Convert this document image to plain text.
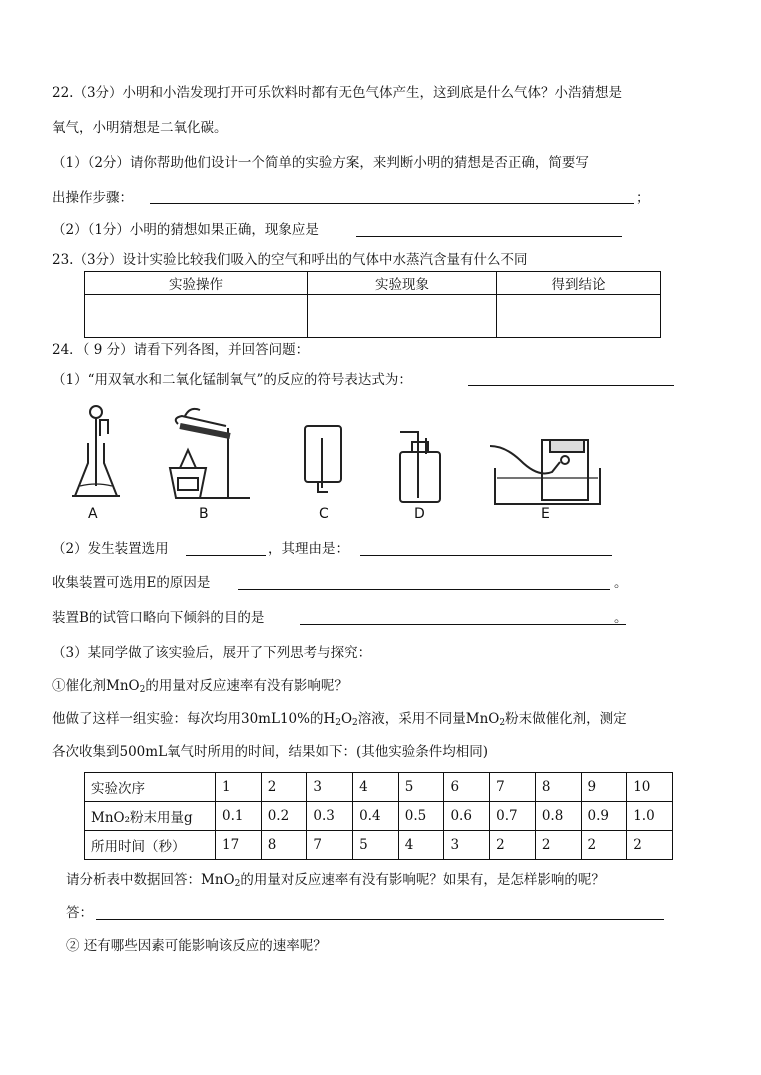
22.（3分）小明和小浩发现打开可乐饮料时都有无色气体产生，这到底是什么气体？小浩猜想是
氧气，小明猜想是二氧化碳。
（1）（2分）请你帮助他们设计一个简单的实验方案，来判断小明的猜想是否正确，简要写
出操作步骤：	；
（2）（1分）小明的猜想如果正确，现象应是
23.（3分）设计实验比较我们吸入的空气和呼出的气体中水蒸汽含量有什么不同
实验操作	实验现象	得到结论

24．（ 9 分）请看下列各图，并回答问题：
（1）“用双氧水和二氧化锰制氧气”的反应的符号表达式为：
A	B	C	D	E
（2）发生装置选用	，其理由是：
收集装置可选用E的原因是	。
装置B的试管口略向下倾斜的目的是	。
（3）某同学做了该实验后，展开了下列思考与探究：
①催化剂MnO$_2$的用量对反应速率有没有影响呢？
他做了这样一组实验：每次均用30mL10%的$H_2O_2$溶液，采用不同量MnO$_2$粉末做催化剂，测定
各次收集到500mL氧气时所用的时间，结果如下：(其他实验条件均相同)
实验次序	1	2	3	4	5	6	7	8	9	10
MnO₂粉末用量g	0.1	0.2	0.3	0.4	0.5	0.6	0.7	0.8	0.9	1.0
所用时间（秒）	17	8	7	5	4	3	2	2	2	2
请分析表中数据回答：MnO$_2$的用量对反应速率有没有影响呢？如果有，是怎样影响的呢？
答：
② 还有哪些因素可能影响该反应的速率呢？
